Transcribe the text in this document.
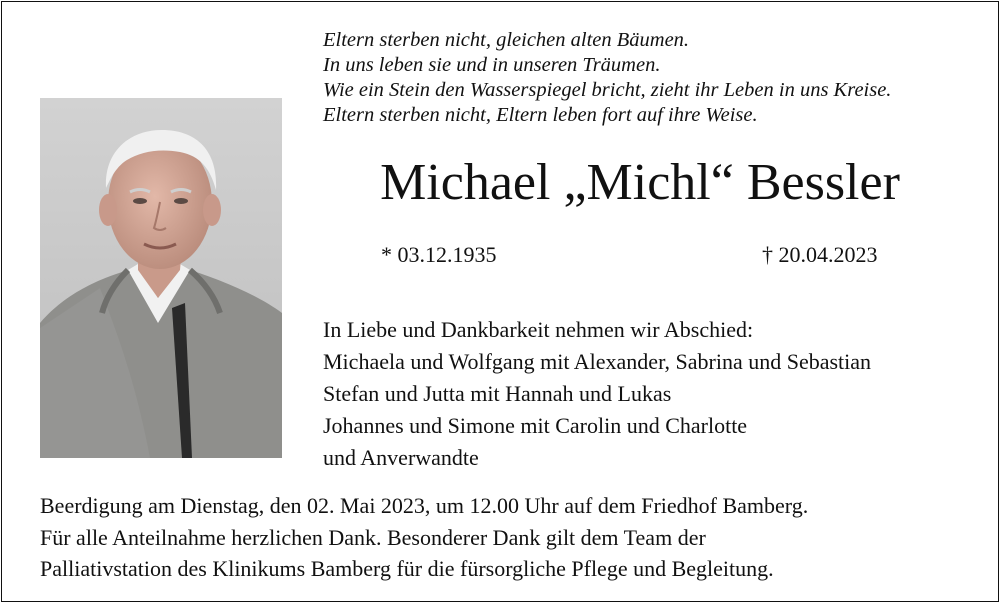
Eltern sterben nicht, gleichen alten Bäumen.
In uns leben sie und in unseren Träumen.
Wie ein Stein den Wasserspiegel bricht, zieht ihr Leben in uns Kreise.
Eltern sterben nicht, Eltern leben fort auf ihre Weise.
Michael „Michl“ Bessler
* 03.12.1935	† 20.04.2023
In Liebe und Dankbarkeit nehmen wir Abschied:
Michaela und Wolfgang mit Alexander, Sabrina und Sebastian
Stefan und Jutta mit Hannah und Lukas
Johannes und Simone mit Carolin und Charlotte
und Anverwandte
Beerdigung am Dienstag, den 02. Mai 2023, um 12.00 Uhr auf dem Friedhof Bamberg.
Für alle Anteilnahme herzlichen Dank. Besonderer Dank gilt dem Team der
Palliativstation des Klinikums Bamberg für die fürsorgliche Pflege und Begleitung.
